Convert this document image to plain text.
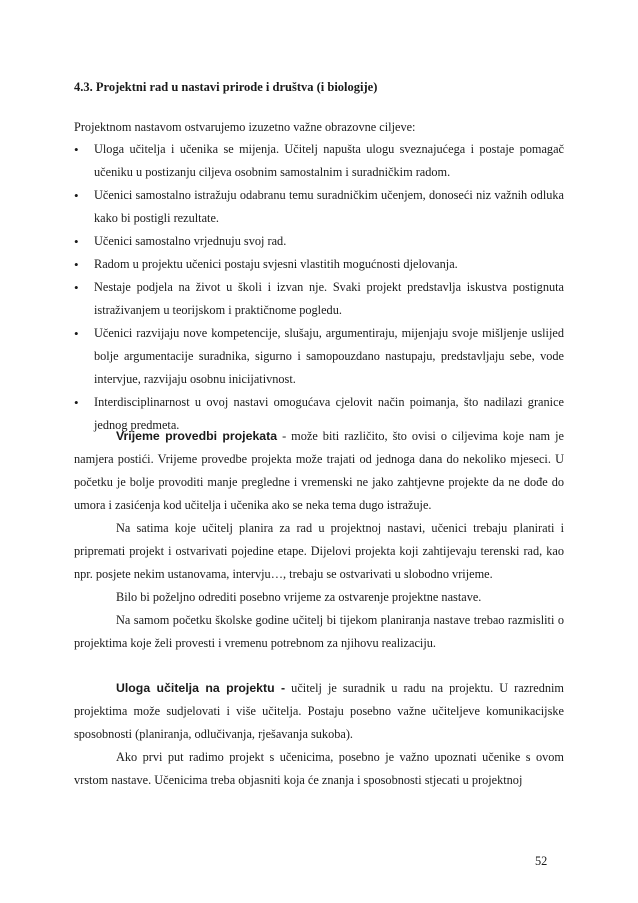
4.3. Projektni rad u nastavi prirode i društva (i biologije)
Projektnom nastavom ostvarujemo izuzetno važne obrazovne ciljeve:
• Uloga učitelja i učenika se mijenja. Učitelj napušta ulogu sveznajućega i postaje pomagač učeniku u postizanju ciljeva osobnim samostalnim i suradničkim radom.
• Učenici samostalno istražuju odabranu temu suradničkim učenjem, donoseći niz važnih odluka kako bi postigli rezultate.
• Učenici samostalno vrjednuju svoj rad.
• Radom u projektu učenici postaju svjesni vlastitih mogućnosti djelovanja.
• Nestaje podjela na život u školi i izvan nje. Svaki projekt predstavlja iskustva postignuta istraživanjem u teorijskom i praktičnome pogledu.
• Učenici razvijaju nove kompetencije, slušaju, argumentiraju, mijenjaju svoje mišljenje uslijed bolje argumentacije suradnika, sigurno i samopouzdano nastupaju, predstavljaju sebe, vode intervjue, razvijaju osobnu inicijativnost.
• Interdisciplinarnost u ovoj nastavi omogućava cjelovit način poimanja, što nadilazi granice jednog predmeta.

Vrijeme provedbi projekata - može biti različito, što ovisi o ciljevima koje nam je namjera postići. Vrijeme provedbe projekta može trajati od jednoga dana do nekoliko mjeseci. U početku je bolje provoditi manje pregledne i vremenski ne jako zahtjevne projekte da ne dođe do umora i zasićenja kod učitelja i učenika ako se neka tema dugo istražuje.

Na satima koje učitelj planira za rad u projektnoj nastavi, učenici trebaju planirati i pripremati projekt i ostvarivati pojedine etape. Dijelovi projekta koji zahtijevaju terenski rad, kao npr. posjete nekim ustanovama, intervju…, trebaju se ostvarivati u slobodno vrijeme.

Bilo bi poželjno odrediti posebno vrijeme za ostvarenje projektne nastave.

Na samom početku školske godine učitelj bi tijekom planiranja nastave trebao razmisliti o projektima koje želi provesti i vremenu potrebnom za njihovu realizaciju.

Uloga učitelja na projektu - učitelj je suradnik u radu na projektu. U razrednim projektima može sudjelovati i više učitelja. Postaju posebno važne učiteljeve komunikacijske sposobnosti (planiranja, odlučivanja, rješavanja sukoba).

Ako prvi put radimo projekt s učenicima, posebno je važno upoznati učenike s ovom vrstom nastave. Učenicima treba objasniti koja će znanja i sposobnosti stjecati u projektnoj

52
